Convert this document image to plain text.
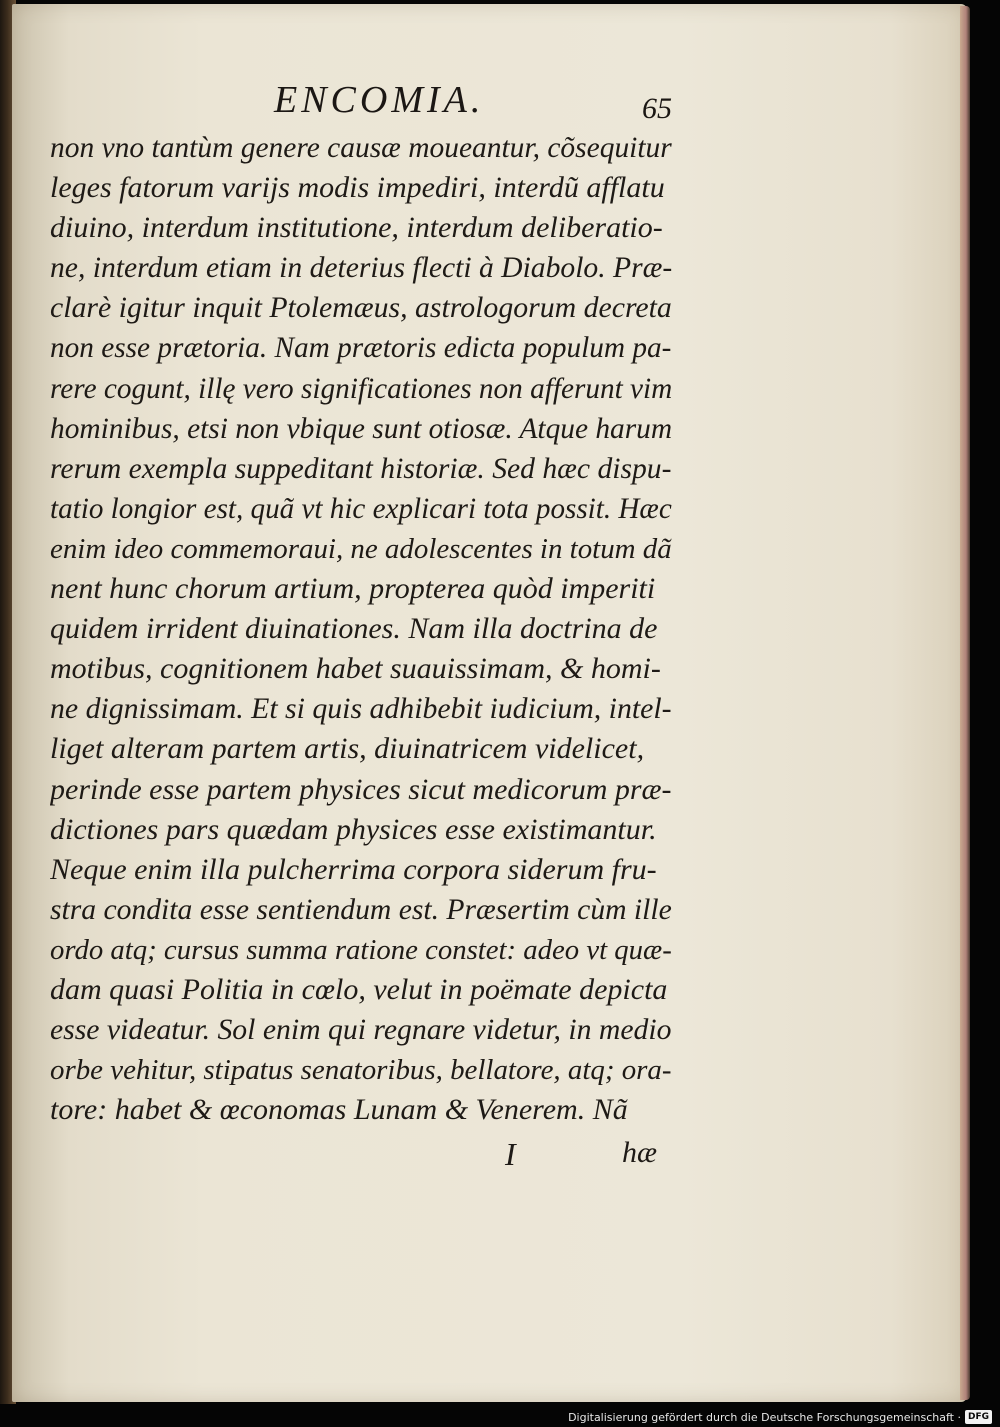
ENCOMIA.	65
non vno tantùm genere causæ moueantur, cõsequitur
leges fatorum varijs modis impediri, interdũ afflatu
diuino, interdum institutione, interdum deliberatio-
ne, interdum etiam in deterius flecti à Diabolo. Præ-
clarè igitur inquit Ptolemæus, astrologorum decreta
non esse prætoria. Nam prætoris edicta populum pa-
rere cogunt, illę vero significationes non afferunt vim
hominibus, etsi non vbique sunt otiosæ. Atque harum
rerum exempla suppeditant historiæ. Sed hæc dispu-
tatio longior est, quã vt hic explicari tota possit. Hæc
enim ideo commemoraui, ne adolescentes in totum dã
nent hunc chorum artium, propterea quòd imperiti
quidem irrident diuinationes. Nam illa doctrina de
motibus, cognitionem habet suauissimam, & homi-
ne dignissimam. Et si quis adhibebit iudicium, intel-
liget alteram partem artis, diuinatricem videlicet,
perinde esse partem physices sicut medicorum præ-
dictiones pars quædam physices esse existimantur.
Neque enim illa pulcherrima corpora siderum fru-
stra condita esse sentiendum est. Præsertim cùm ille
ordo atq; cursus summa ratione constet: adeo vt quæ-
dam quasi Politia in cœlo, velut in poëmate depicta
esse videatur. Sol enim qui regnare videtur, in medio
orbe vehitur, stipatus senatoribus, bellatore, atq; ora-
tore: habet & œconomas Lunam & Venerem. Nã
I	hæ
Digitalisierung gefördert durch die Deutsche Forschungsgemeinschaft · DFG
